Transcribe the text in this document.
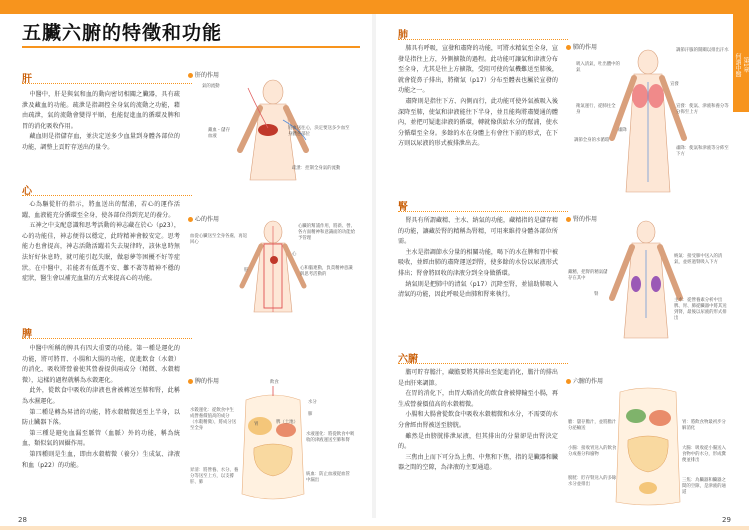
五臟六腑的特徵和功能
肝

中醫中，肝是與氣和血的動向密切相關之臟器，具有疏泄及藏血的功能。疏泄是指調控全身氣的流動之功能，藉由疏泄，氣的流動會變得平順，也能促進血的循環及脾和胃的消化吸收作用。

藏血則是指儲存血，並決定送多少血量到身體各部位的功能，調整上貢貯存送出的量令。

肝的作用
氣的流動
藏血・儲存血液
將血送往心，決定要送多少血至身體各部位
疏泄：控制全身氣的流動
心

心為驅從肝的指示，將血送出的幫浦，若心的運作活躍，血液能充分循環至全身，使各部位得到充足的養分。

五神之中支配意識和思考活動的神志藏在於心（p23），心的功能佳，神志便得以穩定，此時精神會較安定。思考能力也會提高，神志活動活躍若失去規律時，該休息時無法好好休息時，就可能引起失眠，做惡夢等困擾不好等症狀。在中醫中，若能者有低選不安、難不著等精神不穩的症狀，醫生會以補充血量的方式來提高心的功能。

心的作用
血從心臟送至全身各處，再返回心
肝
心
心臟的幫浦作用，將新、營、各方面精神和意識面的功能給予管理
心和腦連動，負責精神意識與思考活動的
脾

中醫中所稱的脾具有四大重要的功能。第一種是運化的功能，將可將胃、小腸和大腸的功能，促進飲食（水穀）的消化、吸收將營養使其營養提供兩或分（精微、水穀精微），這樣的過程就稱為水穀運化。

此外，從飲食中吸收的津液也會被轉送至肺和腎，此稱為水濕運化。

第二種是轉為昇清的功能，將水穀精微送至上半身，以防止臟器下落。

第三種是避免血漏至脈管（血脈）外的功能，稱為統血，類似氣的固攝作用。

第四種則是生血，即由水穀精微（養分）生成氣、津液和血（p22）的功能。

脾的作用	飲食
水穀運化：從飲食中生成營養價值高的成分（水穀精微），將成分送至全身
胃	脾（土地）
水分
肺
水液運化：將從飲食中吸收的津液運送至肺和腎
昇清：將營養、水分、養分等送至上方，以支撐肝、肺
統血：防止血液從血管中漏出
28
第1章
何謂中醫
肺

肺具有呼吸，宣發和肅降的功能，可將水精氣至全身，宣發是指往上方，外側擴散的過程。此功能可讓氣和津液分布至全身，尤其是往上方擴散，受阻可使的氣機難送至肺後，就會從鼻子排出，將衛氣（p17）分布至體表也屬於宣發的功能之一。

肅降則是指往下方、內側而行，此功能可使外氣被吸入後深降至肺，使氣和津液能往下半身，並且能夠將肅變通的體內，並把可疑進津液的循環，轉就像供給水分的幫浦，使水分循環至全身。多餘的水在身體上有會往下前的形式，在下方則以尿液的形式被排泄出去。

肺的作用	調節汗腺的開關以排出汗水
吸入清氣，吐出體中的氣
宣發
衛氣運行，從肺往全身
宣發：使氣、津液和養分等分佈至上方
肅降
調節全身的水循環
肅降：使氣和津液等分佈至下方
腎

腎具有所謂藏精、主水、納氣的功能，藏精指的是儲存精的功能，讓藏於腎的精稱為腎精，可用來維持身體各部位所需。

主水是指調節水分量的相關功能，喝下的水在脾和胃中被吸收，並經由肺的肅降運送到腎，使多餘的水份以尿液形式排出；腎會將回收的津液分到全身做循環。

納氣則是把肺中的清氣（p17）沉降至腎，並協助肺吸入清氣的功能，因此呼吸是由肺和腎來執行。

腎的作用
腎
藏精，把腎的精氣儲存在其中
納氣：接受肺中送入的清氣，並經過腎吸入下方
主水：從營養素分析中出脾、胃、肺從臟器中將其送到腎，最後以尿液的形式排出
六腑

膽可貯存膽汁，藏膽要將其排出至促進消化，膽汁的排出是由肝來調節。

在胃的消化下，由胃大略消化的飲食會被傳輸至小腸，再生成營養價值高的水穀精微。

小腸和大腸會從飲食中吸收水穀精微和水分，不需要的水分會經由腎被送至膀胱。

雖然是由膀胱排泄尿液，但其排出的分量卻是由腎決定的。

三焦由上而下可分為上焦、中焦和下焦，指的是臟器和臟器之間的空隙，為津液的主要通道。

六腑的作用
膽：儲存膽汁，並將膽汁分泌輸送
胃：將飲食物最初步分解消化
小腸：接收胃送入的飲食分成養分和廢物
大腸：吸收從小腸送入食物中的水分，形成糞便並排出
膀胱：貯存腎送入的多餘水分並排出
三焦：為臟器和臟器之間的空隙，是津液的通道
29
